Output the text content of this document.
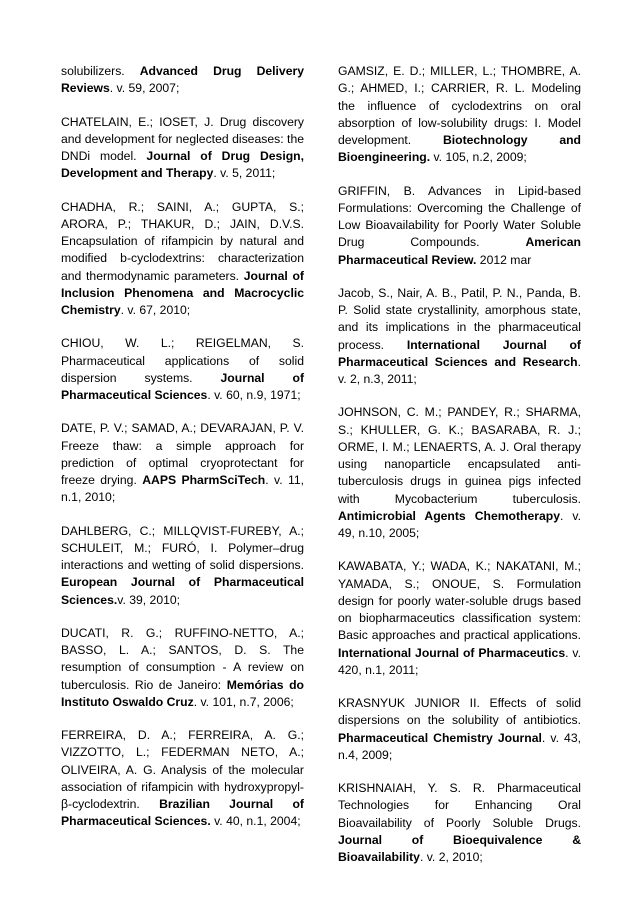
solubilizers. Advanced Drug Delivery Reviews. v. 59, 2007;

CHATELAIN, E.; IOSET, J. Drug discovery and development for neglected diseases: the DNDi model. Journal of Drug Design, Development and Therapy. v. 5, 2011;

CHADHA, R.; SAINI, A.; GUPTA, S.; ARORA, P.; THAKUR, D.; JAIN, D.V.S. Encapsulation of rifampicin by natural and modified b-cyclodextrins: characterization and thermodynamic parameters. Journal of Inclusion Phenomena and Macrocyclic Chemistry. v. 67, 2010;

CHIOU, W. L.; REIGELMAN, S. Pharmaceutical applications of solid dispersion systems. Journal of Pharmaceutical Sciences. v. 60, n.9, 1971;

DATE, P. V.; SAMAD, A.; DEVARAJAN, P. V. Freeze thaw: a simple approach for prediction of optimal cryoprotectant for freeze drying. AAPS PharmSciTech. v. 11, n.1, 2010;

DAHLBERG, C.; MILLQVIST-FUREBY, A.; SCHULEIT, M.; FURÓ, I. Polymer–drug interactions and wetting of solid dispersions. European Journal of Pharmaceutical Sciences.v. 39, 2010;

DUCATI, R. G.; RUFFINO-NETTO, A.; BASSO, L. A.; SANTOS, D. S. The resumption of consumption - A review on tuberculosis. Rio de Janeiro: Memórias do Instituto Oswaldo Cruz. v. 101, n.7, 2006;

FERREIRA, D. A.; FERREIRA, A. G.; VIZZOTTO, L.; FEDERMAN NETO, A.; OLIVEIRA, A. G. Analysis of the molecular association of rifampicin with hydroxypropyl-β-cyclodextrin. Brazilian Journal of Pharmaceutical Sciences. v. 40, n.1, 2004;

GAMSIZ, E. D.; MILLER, L.; THOMBRE, A. G.; AHMED, I.; CARRIER, R. L. Modeling the influence of cyclodextrins on oral absorption of low-solubility drugs: I. Model development. Biotechnology and Bioengineering. v. 105, n.2, 2009;

GRIFFIN, B. Advances in Lipid-based Formulations: Overcoming the Challenge of Low Bioavailability for Poorly Water Soluble Drug Compounds. American Pharmaceutical Review. 2012 mar

Jacob, S., Nair, A. B., Patil, P. N., Panda, B. P. Solid state crystallinity, amorphous state, and its implications in the pharmaceutical process. International Journal of Pharmaceutical Sciences and Research. v. 2, n.3, 2011;

JOHNSON, C. M.; PANDEY, R.; SHARMA, S.; KHULLER, G. K.; BASARABA, R. J.; ORME, I. M.; LENAERTS, A. J. Oral therapy using nanoparticle encapsulated anti-tuberculosis drugs in guinea pigs infected with Mycobacterium tuberculosis. Antimicrobial Agents Chemotherapy. v. 49, n.10, 2005;

KAWABATA, Y.; WADA, K.; NAKATANI, M.; YAMADA, S.; ONOUE, S. Formulation design for poorly water-soluble drugs based on biopharmaceutics classification system: Basic approaches and practical applications. International Journal of Pharmaceutics. v. 420, n.1, 2011;

KRASNYUK JUNIOR II. Effects of solid dispersions on the solubility of antibiotics. Pharmaceutical Chemistry Journal. v. 43, n.4, 2009;

KRISHNAIAH, Y. S. R. Pharmaceutical Technologies for Enhancing Oral Bioavailability of Poorly Soluble Drugs. Journal of Bioequivalence & Bioavailability. v. 2, 2010;
